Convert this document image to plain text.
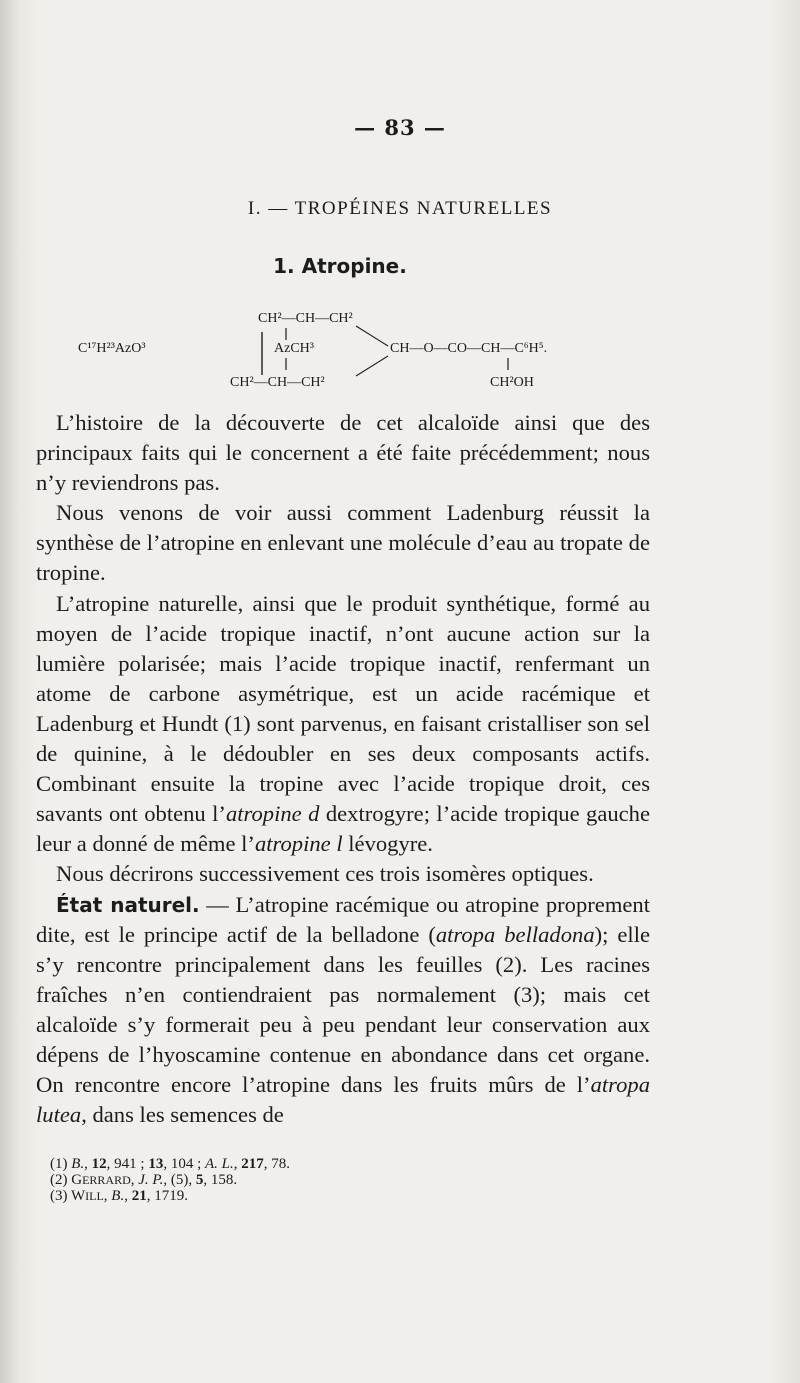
— 83 —
I. — TROPÉINES NATURELLES
1. Atropine.
C¹⁷H²³AzO³
CH²—CH—CH²
AzCH³
CH²—CH—CH²
CH—O—CO—CH—C⁶H⁵.
CH²OH

L’histoire de la découverte de cet alcaloïde ainsi que des principaux faits qui le concernent a été faite précédemment; nous n’y reviendrons pas.

Nous venons de voir aussi comment Ladenburg réussit la synthèse de l’atropine en enlevant une molécule d’eau au tropate de tropine.

L’atropine naturelle, ainsi que le produit synthétique, formé au moyen de l’acide tropique inactif, n’ont aucune action sur la lumière polarisée; mais l’acide tropique inactif, renfermant un atome de carbone asymétrique, est un acide racémique et Ladenburg et Hundt (1) sont parvenus, en faisant cristalliser son sel de quinine, à le dédoubler en ses deux composants actifs. Combinant ensuite la tropine avec l’acide tropique droit, ces savants ont obtenu l’atropine d dextrogyre; l’acide tropique gauche leur a donné de même l’atropine l lévogyre.

Nous décrirons successivement ces trois isomères optiques.

État naturel. — L’atropine racémique ou atropine proprement dite, est le principe actif de la belladone (atropa belladona); elle s’y rencontre principalement dans les feuilles (2). Les racines fraîches n’en contiendraient pas normalement (3); mais cet alcaloïde s’y formerait peu à peu pendant leur conservation aux dépens de l’hyoscamine contenue en abondance dans cet organe. On rencontre encore l’atropine dans les fruits mûrs de l’atropa lutea, dans les semences de

(1) B., 12, 941 ; 13, 104 ; A. L., 217, 78.
(2) GERRARD, J. P., (5), 5, 158.
(3) WILL, B., 21, 1719.
